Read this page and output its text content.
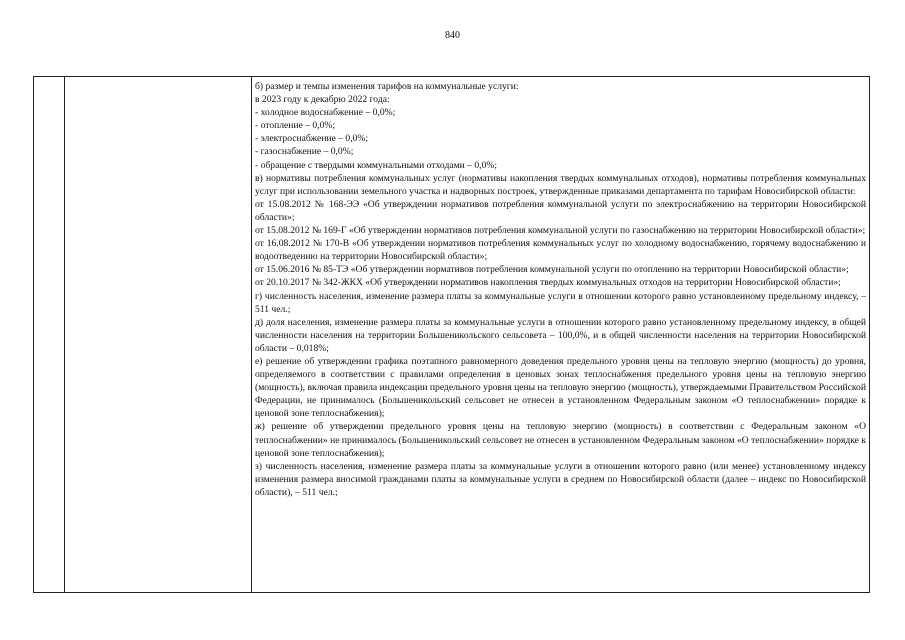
840

б) размер и темпы изменения тарифов на коммунальные услуги:

в 2023 году к декабрю 2022 года:

- холодное водоснабжение – 0,0%;

- отопление – 0,0%;

- электроснабжение – 0,0%;

- газоснабжение – 0,0%;

- обращение с твердыми коммунальными отходами – 0,0%;

в) нормативы потребления коммунальных услуг (нормативы накопления твердых коммунальных отходов), нормативы потребления коммунальных услуг при использовании земельного участка и надворных построек, утвержденные приказами департамента по тарифам Новосибирской области:

от 15.08.2012 № 168-ЭЭ «Об утверждении нормативов потребления коммунальной услуги по электроснабжению на территории Новосибирской области»;

от 15.08.2012 № 169-Г «Об утверждении нормативов потребления коммунальной услуги по газоснабжению на территории Новосибирской области»;

от 16.08.2012 № 170-В «Об утверждении нормативов потребления коммунальных услуг по холодному водоснабжению, горячему водоснабжению и водоотведению на территории Новосибирской области»;

от 15.06.2016 № 85-ТЭ «Об утверждении нормативов потребления коммунальной услуги по отоплению на территории Новосибирской области»;

от 20.10.2017 № 342-ЖКХ «Об утверждении нормативов накопления твердых коммунальных отходов на территории Новосибирской области»;

г) численность населения, изменение размера платы за коммунальные услуги в отношении которого равно установленному предельному индексу, – 511 чел.;

д) доля населения, изменение размера платы за коммунальные услуги в отношении которого равно установленному предельному индексу, в общей численности населения на территории Большеникольского сельсовета – 100,0%, и в общей численности населения на территории Новосибирской области – 0,018%;

е) решение об утверждении графика поэтапного равномерного доведения предельного уровня цены на тепловую энергию (мощность) до уровня, определяемого в соответствии с правилами определения в ценовых зонах теплоснабжения предельного уровня цены на тепловую энергию (мощность), включая правила индексации предельного уровня цены на тепловую энергию (мощность), утверждаемыми Правительством Российской Федерации, не принималось (Большеникольский сельсовет не отнесен в установленном Федеральным законом «О теплоснабжении» порядке к ценовой зоне теплоснабжения);

ж) решение об утверждении предельного уровня цены на тепловую энергию (мощность) в соответствии с Федеральным законом «О теплоснабжении» не принималось (Большеникольский сельсовет не отнесен в установленном Федеральным законом «О теплоснабжении» порядке к ценовой зоне теплоснабжения);

з) численность населения, изменение размера платы за коммунальные услуги в отношении которого равно (или менее) установленному индексу изменения размера вносимой гражданами платы за коммунальные услуги в среднем по Новосибирской области (далее – индекс по Новосибирской области), – 511 чел.;
